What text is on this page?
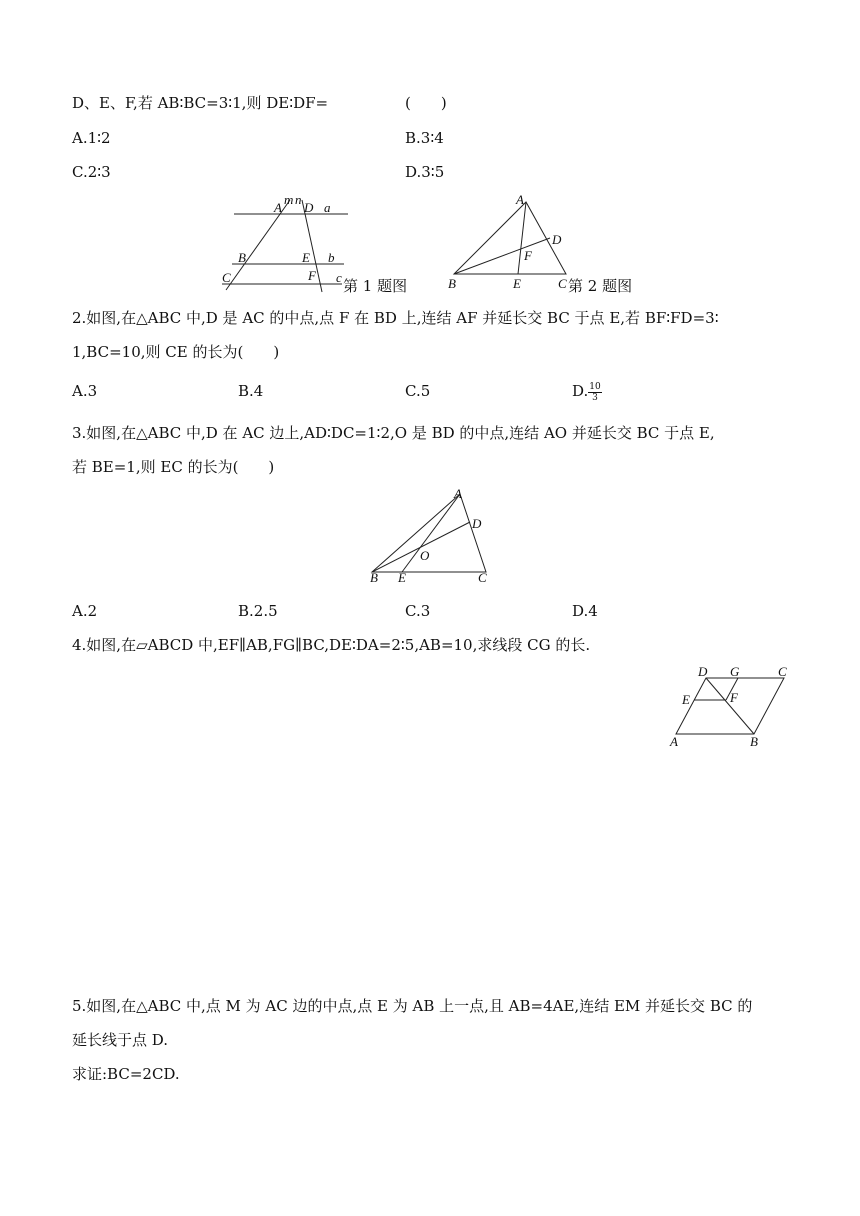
D、E、F,若 AB∶BC=3∶1,则 DE∶DF=	(　　)
A.1∶2	B.3∶4
C.2∶3	D.3∶5
A
m n
D a
B	E b
C	F c 第 1 题图
A
D
F
B	E	C 第 2 题图
2.如图,在△ABC 中,D 是 AC 的中点,点 F 在 BD 上,连结 AF 并延长交 BC 于点 E,若 BF∶FD=3∶
1,BC=10,则 CE 的长为(　　)
A.3	B.4	C.5	D. $\frac{10}{3}$
3.如图,在△ABC 中,D 在 AC 边上,AD∶DC=1∶2,O 是 BD 的中点,连结 AO 并延长交 BC 于点 E,
若 BE=1,则 EC 的长为(　　)
A
D
O
B E	C
A.2	B.2.5	C.3	D.4
4.如图,在▱ABCD 中,EF∥AB,FG∥BC,DE∶DA=2∶5,AB=10,求线段 CG 的长.
D G	C
E	F
A	B
5.如图,在△ABC 中,点 M 为 AC 边的中点,点 E 为 AB 上一点,且 AB=4AE,连结 EM 并延长交 BC 的
延长线于点 D.
求证:BC=2CD.
